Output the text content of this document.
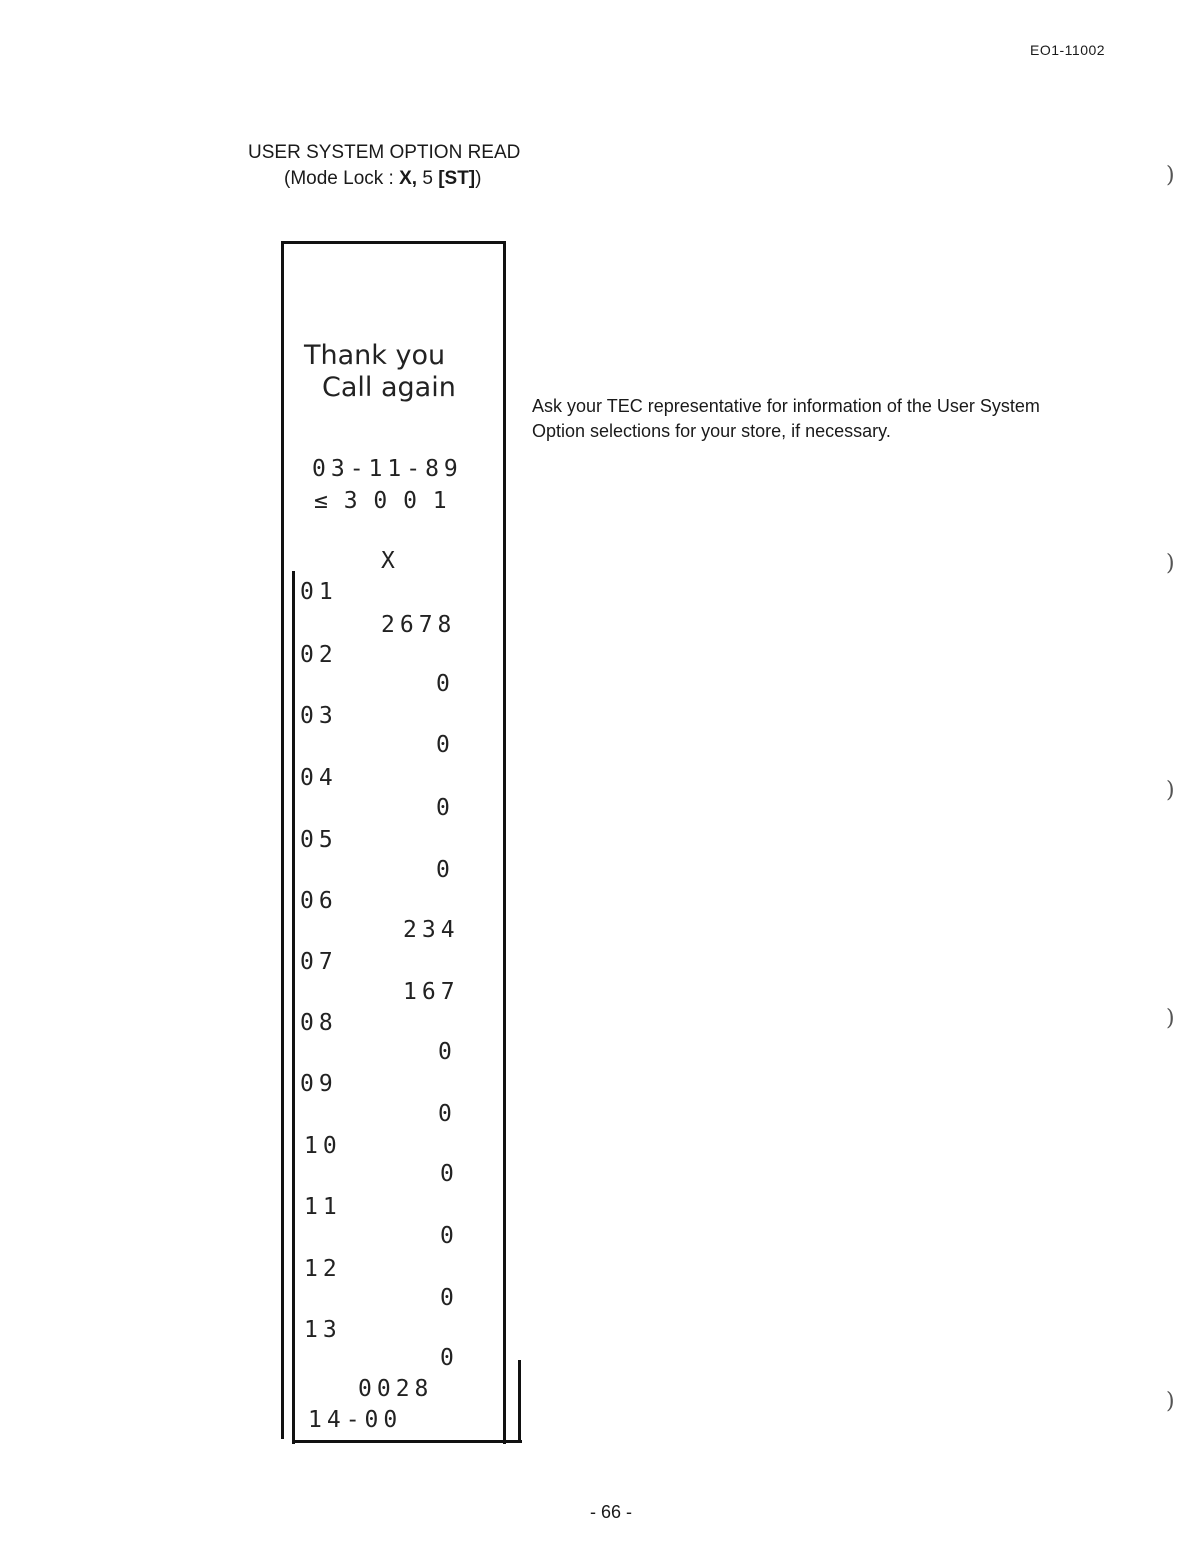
EO1-11002
USER SYSTEM OPTION READ
(Mode Lock : X, 5 [ST])
Thank you
Call again
03-11-89
≤ 3 0 0 1
X
01
2678
02
0
03
0
04
0
05
0
06
234
07
167
08
0
09
0
10
0
11
0
12
0
13
0
0028
14-00
Ask your TEC representative for information of the User System Option selections for your store, if necessary.
)
)
)
)
)
- 66 -
